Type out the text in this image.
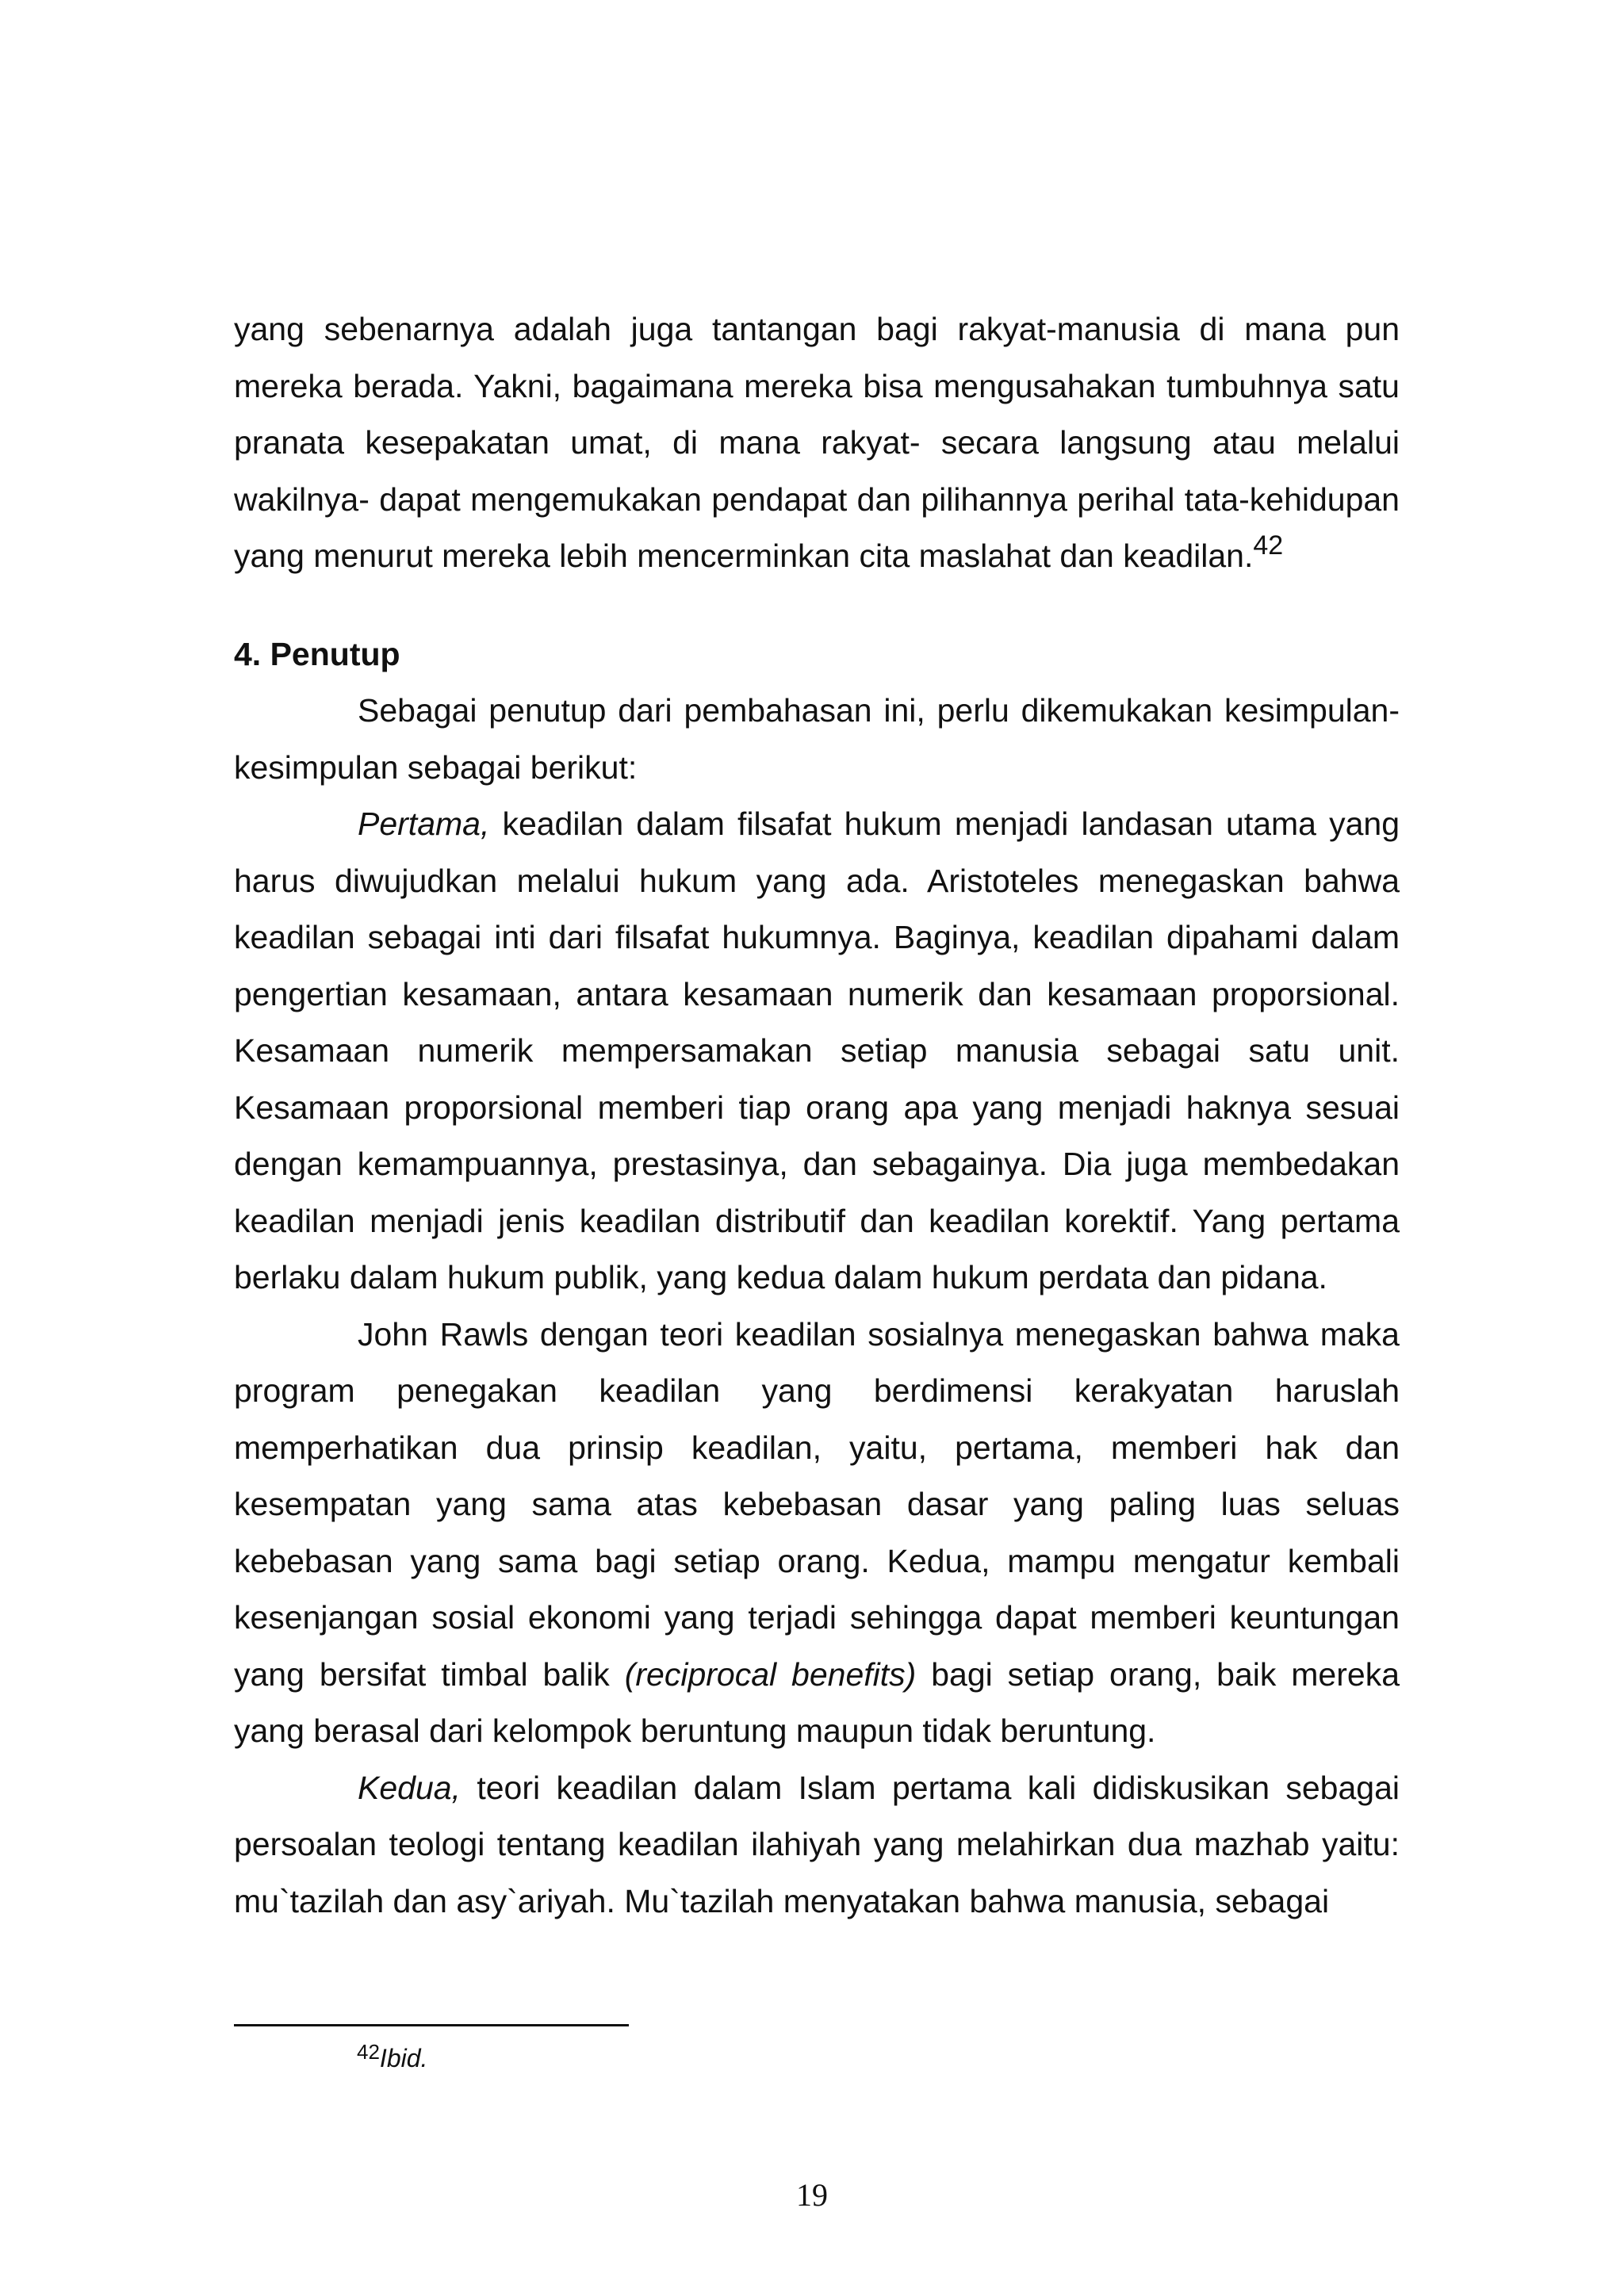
yang sebenarnya adalah juga tantangan bagi rakyat-manusia di mana pun mereka berada. Yakni, bagaimana mereka bisa mengusahakan tumbuhnya satu pranata kesepakatan umat, di mana rakyat- secara langsung atau melalui wakilnya- dapat mengemukakan pendapat dan pilihannya perihal tata-kehidupan yang menurut mereka lebih mencerminkan cita maslahat dan keadilan.$^{42}$

4. Penutup

Sebagai penutup dari pembahasan ini, perlu dikemukakan kesimpulan-kesimpulan sebagai berikut:

Pertama, keadilan dalam filsafat hukum menjadi landasan utama yang harus diwujudkan melalui hukum yang ada. Aristoteles menegaskan bahwa keadilan sebagai inti dari filsafat hukumnya. Baginya, keadilan dipahami dalam pengertian kesamaan, antara kesamaan numerik dan kesamaan proporsional. Kesamaan numerik mempersamakan setiap manusia sebagai satu unit. Kesamaan proporsional memberi tiap orang apa yang menjadi haknya sesuai dengan kemampuannya, prestasinya, dan sebagainya. Dia juga membedakan keadilan menjadi jenis keadilan distributif dan keadilan korektif. Yang pertama berlaku dalam hukum publik, yang kedua dalam hukum perdata dan pidana.

John Rawls dengan teori keadilan sosialnya menegaskan bahwa maka program penegakan keadilan yang berdimensi kerakyatan haruslah memperhatikan dua prinsip keadilan, yaitu, pertama, memberi hak dan kesempatan yang sama atas kebebasan dasar yang paling luas seluas kebebasan yang sama bagi setiap orang. Kedua, mampu mengatur kembali kesenjangan sosial ekonomi yang terjadi sehingga dapat memberi keuntungan yang bersifat timbal balik (reciprocal benefits) bagi setiap orang, baik mereka yang berasal dari kelompok beruntung maupun tidak beruntung.

Kedua, teori keadilan dalam Islam pertama kali didiskusikan sebagai persoalan teologi tentang keadilan ilahiyah yang melahirkan dua mazhab yaitu: mu`tazilah dan asy`ariyah. Mu`tazilah menyatakan bahwa manusia, sebagai

$^{42}$Ibid.
19
